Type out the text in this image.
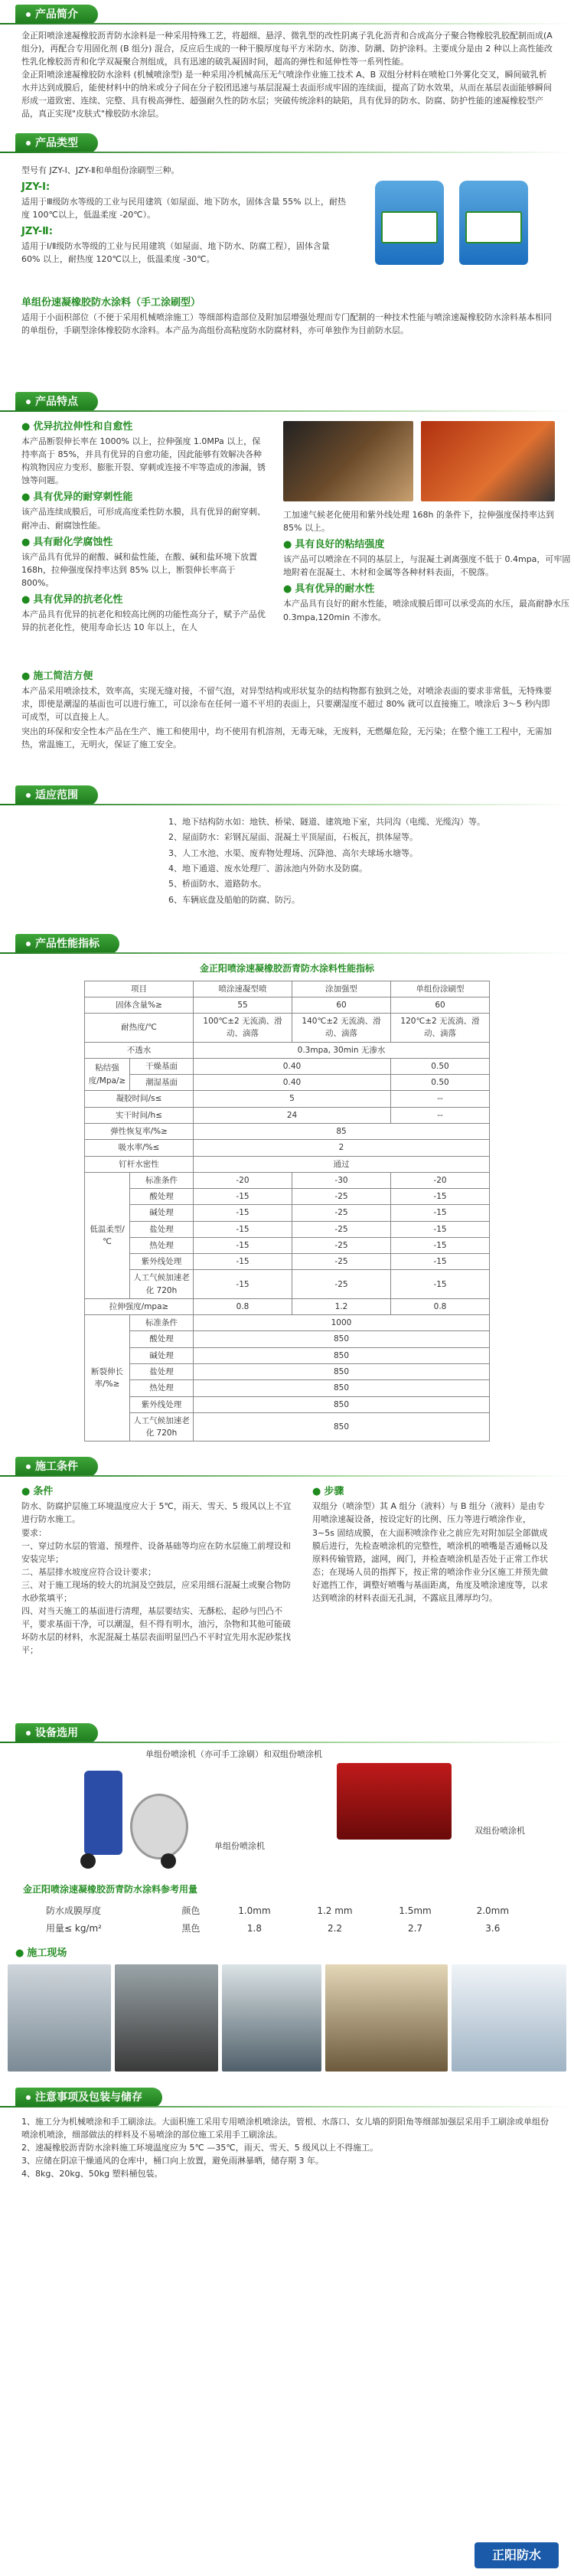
产品简介
金正阳喷涂速凝橡胶沥青防水涂料是一种采用特殊工艺，将超细、悬浮、微乳型的改性阴离子乳化沥青和合成高分子聚合物橡胶乳胶配制而成(A 组分)，再配合专用固化剂 (B 组分) 混合，反应后生成的一种干膜厚度每平方米防水、防渗、防潮、防护涂料。主要成分是由 2 种以上高性能改性乳化橡胶沥青和化学双凝聚合剂组成，具有迅速的破乳凝固时间，超高的弹性和延伸性等一系列性能。
金正阳喷涂速凝橡胶防水涂料 (机械喷涂型) 是一种采用冷机械高压无气喷涂作业施工技术 A、B 双组分材料在喷枪口外雾化交叉，瞬间破乳析水并达到成膜后，能使材料中的纳米或分子间在分子胶团迅速与基层混凝土表面形成牢固的连续面，提高了防水效果，从而在基层表面能够瞬间形成一道致密、连续、完整、具有极高弹性、超强耐久性的防水层；突破传统涂料的缺陷，具有优异的防水、防腐、防护性能的速凝橡胶型产品，真正实现"皮肤式"橡胶防水涂层。
产品类型
型号有 JZY-Ⅰ、JZY-Ⅱ和单组份涂刷型三种。
JZY-Ⅰ:
适用于Ⅲ级防水等级的工业与民用建筑（如屋面、地下防水，固体含量 55% 以上，耐热度 100℃以上，低温柔度 -20℃）。
JZY-Ⅱ:
适用于Ⅰ/Ⅱ级防水等级的工业与民用建筑（如屋面、地下防水、防腐工程），固体含量 60% 以上，耐热度 120℃以上，低温柔度 -30℃。
单组份速凝橡胶防水涂料（手工涂刷型）
适用于小面积部位（不便于采用机械喷涂施工）等细部构造部位及附加层增强处理而专门配制的一种技术性能与喷涂速凝橡胶防水涂料基本相同的单组份，手刷型涂体橡胶防水涂料。本产品为高组份高粘度防水防腐材料，亦可单独作为目前防水层。
产品特点
● 优异抗拉伸性和自愈性
本产品断裂伸长率在 1000% 以上，拉伸强度 1.0MPa 以上，保持率高于 85%，并具有优异的自愈功能，因此能够有效解决各种构筑物因应力变形、膨胀开裂、穿刺或连接不牢等造成的渗漏，锈蚀等问题。
● 具有优异的耐穿刺性能
该产品连续成膜后，可形成高度柔性防水膜，具有优异的耐穿刺、耐冲击、耐腐蚀性能。
● 具有耐化学腐蚀性
该产品具有优异的耐酸、碱和盐性能，在酸、碱和盐环境下放置 168h，拉伸强度保持率达到 85% 以上，断裂伸长率高于 800%。
● 具有优异的抗老化性
本产品具有优异的抗老化和较高比例的功能性高分子，赋予产品优异的抗老化性，使用寿命长达 10 年以上，在人
工加速气候老化使用和紫外线处理 168h 的条件下，拉伸强度保持率达到 85% 以上。
● 具有良好的粘结强度
该产品可以喷涂在不同的基层上，与混凝土剥离强度不低于 0.4mpa，可牢固地附着在混凝土、木材和金属等各种材料表面，不脱落。
● 具有优异的耐水性
本产品具有良好的耐水性能，喷涂成膜后即可以承受高的水压，最高耐静水压 0.3mpa,120min 不渗水。
● 施工简洁方便
本产品采用喷涂技术，效率高，实现无缝对接，不留气泡，对异型结构或形状复杂的结构物都有独到之处，对喷涂表面的要求非常低，无特殊要求，即使是潮湿的基面也可以进行施工，可以涂布在任何一道不平坦的表面上，只要潮湿度不超过 80% 就可以直接施工。喷涂后 3～5 秒内即可成型，可以直接上人。
突出的环保和安全性本产品在生产、施工和使用中，均不使用有机溶剂，无毒无味，无废料，无燃爆危险，无污染；在整个施工工程中，无需加热，常温施工，无明火，保证了施工安全。
适应范围
1、地下结构防水如：地铁、桥梁、隧道、建筑地下室，共同沟（电缆、光缆沟）等。
2、屋面防水：彩钢瓦屋面、混凝土平顶屋面，石板瓦，拱体屋等。
3、人工水池、水渠、废弃物处理场、沉降池、高尔夫球场水塘等。
4、地下通道、废水处理厂、游泳池内外防水及防腐。
5、桥面防水、道路防水。
6、车辆底盘及船舶的防腐、防污。
产品性能指标
金正阳喷涂速凝橡胶沥青防水涂料性能指标
项目		喷涂速凝型喷	涂加强型	单组份涂刷型
固体含量%≥		55	60	60
耐热度/℃		100℃±2 无流淌、滑动、滴落	140℃±2 无流淌、滑动、滴落	120℃±2 无流淌、滑动、滴落
不透水		0.3mpa, 30min 无渗水		
粘结强度/Mpa/≥	干燥基面	0.40		0.50
	潮湿基面	0.40		0.50
凝胶时间/s≤		5		--
实干时间/h≤		24		--
弹性恢复率/%≥		85		
吸水率/%≤		2		
钉杆水密性		通过		
低温柔型/℃	标准条件	-20	-30	-20
	酸处理	-15	-25	-15
	碱处理	-15	-25	-15
	盐处理	-15	-25	-15
	热处理	-15	-25	-15
	紫外线处理	-15	-25	-15
	人工气候加速老化 720h	-15	-25	-15
拉伸强度/mpa≥		0.8	1.2	0.8
断裂伸长率/%≥	标准条件	1000		
	酸处理	850		
	碱处理	850		
	盐处理	850		
	热处理	850		
	紫外线处理	850		
	人工气候加速老化 720h	850		
施工条件
● 条件
防水、防腐护层施工环境温度应大于 5℃，雨天、雪天、5 级风以上不宜进行防水施工。
要求：
一、穿过防水层的管道、预埋件、设备基础等均应在防水层施工前埋设和安装完毕；
二、基层排水坡度应符合设计要求；
三、对于施工现场的较大的坑洞及空鼓层，应采用细石混凝土或聚合物防水砂浆填平；
四、对当天施工的基面进行清理，基层要结实、无酥松、起砂与凹凸不平，要求基面干净，可以潮湿，但不得有明水，油污，杂物和其他可能破坏防水层的材料，水泥混凝土基层表面明显凹凸不平时宜先用水泥砂浆找平；
● 步骤
双组分（喷涂型）其 A 组分（液料）与 B 组分（液料）是由专用喷涂速凝设备，按设定好的比例、压力等进行喷涂作业，3~5s 固结成膜，在大面积喷涂作业之前应先对附加层全部做成膜后进行，先检查喷涂机的完整性，喷涂机的喷嘴是否通畅以及原料传输管路，滤网，阀门，并检查喷涂机是否处于正常工作状态；在现场人员的指挥下，按正常的喷涂作业分区施工并预先做好遮挡工作，调整好喷嘴与基面距离，角度及喷涂速度等，以求达到喷涂的材料表面无孔洞，不露底且薄厚均匀。
设备选用
单组份喷涂机（亦可手工涂刷）和双组份喷涂机
单组份喷涂机
双组份喷涂机
金正阳喷涂速凝橡胶沥青防水涂料参考用量
防水成膜厚度	颜色	1.0mm	1.2 mm	1.5mm	2.0mm
用量≤ kg/m²	黑色	1.8	2.2	2.7	3.6
● 施工现场
注意事项及包装与储存
1、施工分为机械喷涂和手工刷涂法。大面积施工采用专用喷涂机喷涂法，管根、水落口、女儿墙的阴阳角等细部加强层采用手工刷涂或单组份喷涂机喷涂，细部做法的样料及不易喷涂的部位施工采用手工刷涂法。
2、速凝橡胶沥青防水涂料施工环境温度应为 5℃ —35℃，雨天、雪天、5 级风以上不得施工。
3、应储在阴凉干燥通风的仓库中，桶口向上放置，避免雨淋暴晒，储存期 3 年。
4、8kg、20kg、50kg 塑料桶包装。
正阳防水
